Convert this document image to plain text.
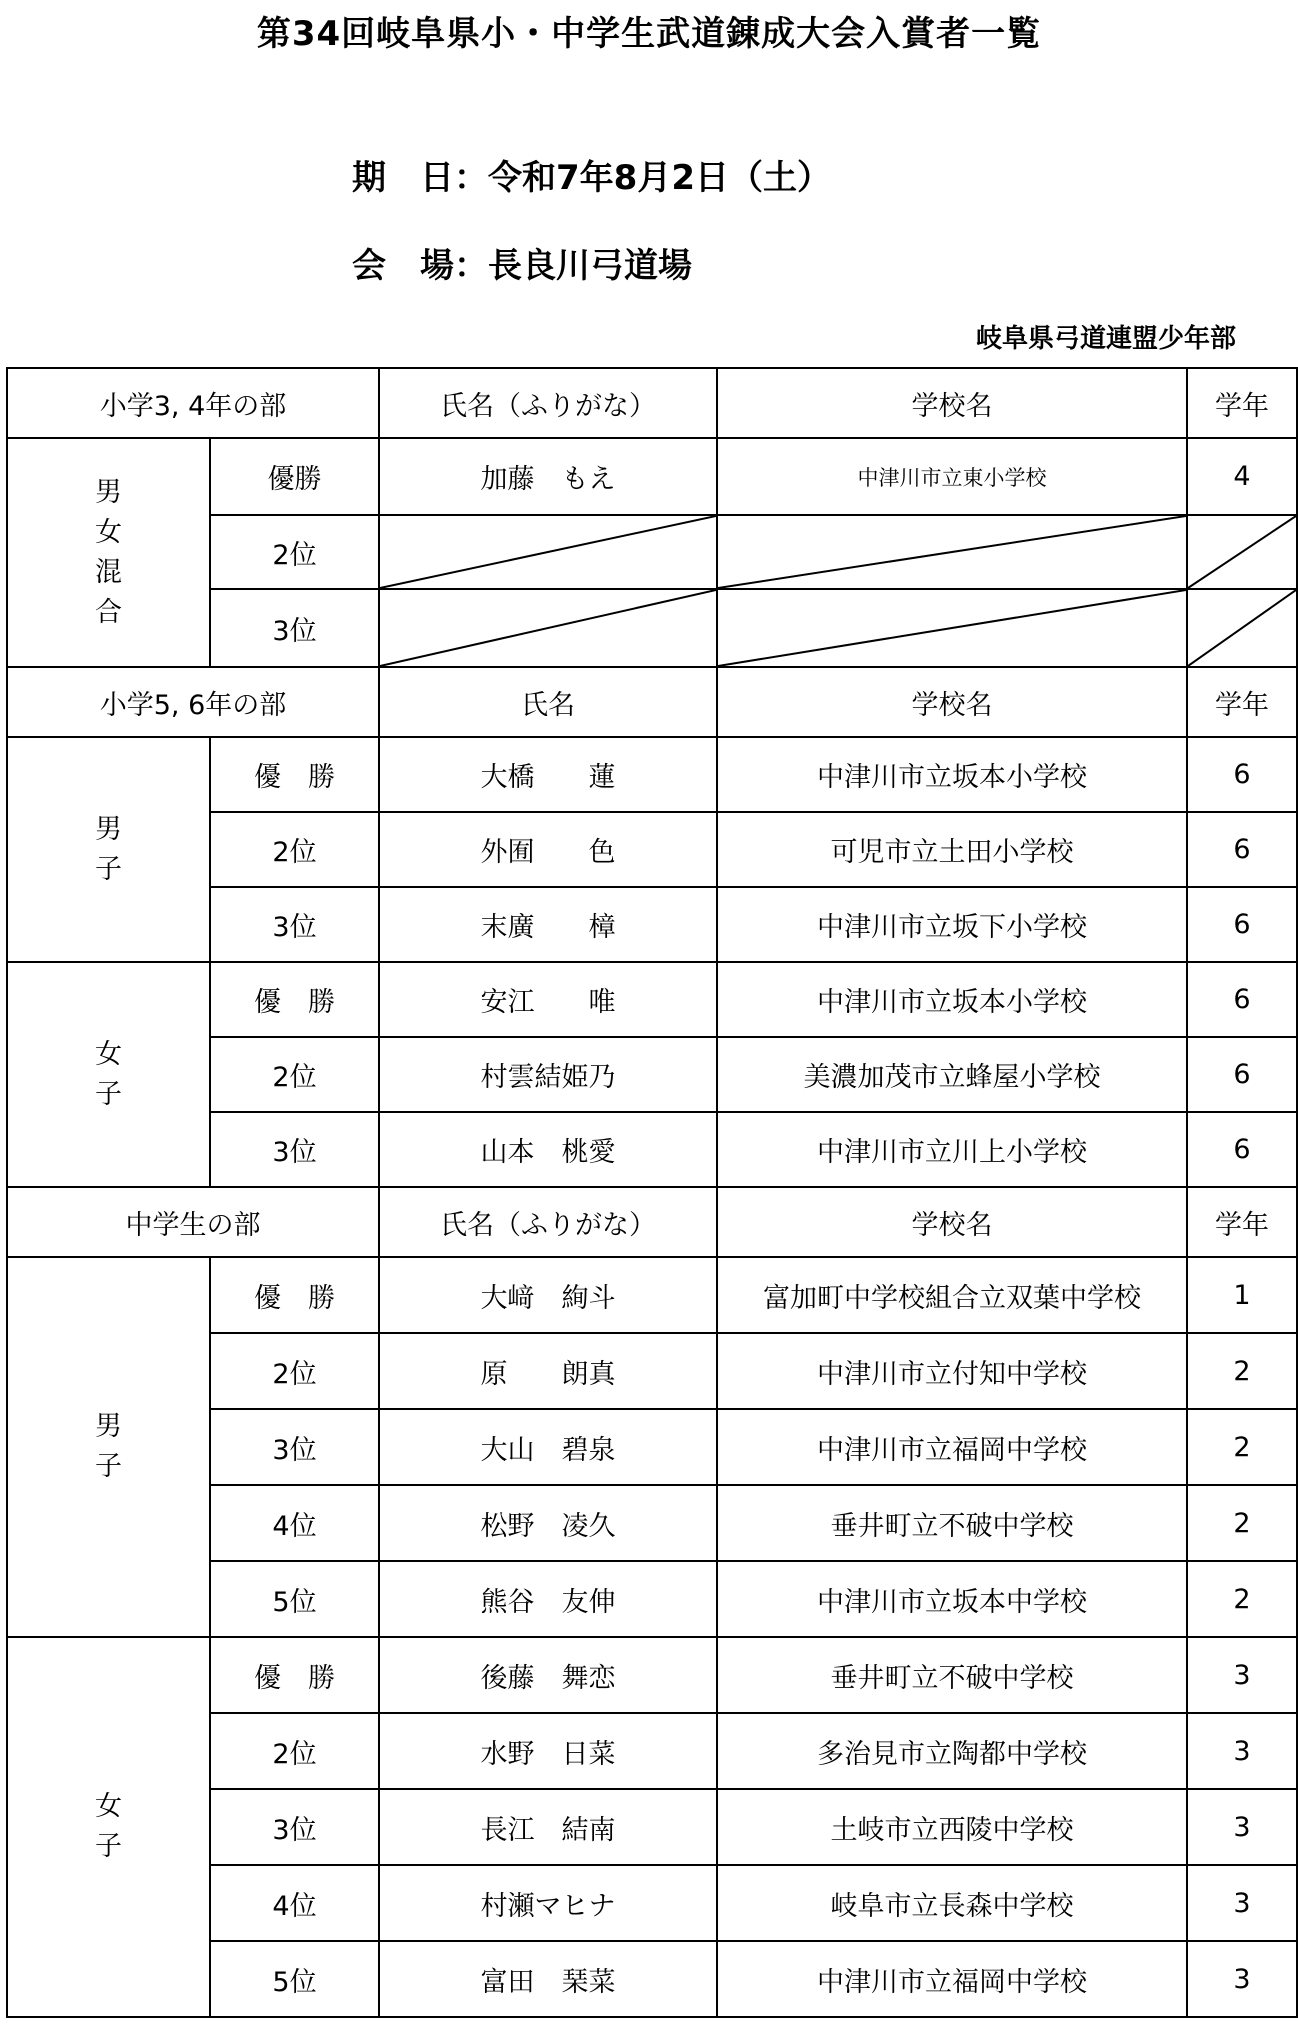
第34回岐阜県小・中学生武道錬成大会入賞者一覧
期　日：令和7年8月2日（土）
会　場：長良川弓道場
岐阜県弓道連盟少年部
小学3, 4年の部		氏名（ふりがな）	学校名	学年
男女混合	優勝	加藤　もえ	中津川市立東小学校	4
	2位	

	3位	

小学5, 6年の部		氏名	学校名	学年
男子	優　勝	大橋　　蓮	中津川市立坂本小学校	6
	2位	外囿　　色	可児市立土田小学校	6
	3位	末廣　　樟	中津川市立坂下小学校	6
女子	優　勝	安江　　唯	中津川市立坂本小学校	6
	2位	村雲結姫乃	美濃加茂市立蜂屋小学校	6
	3位	山本　桃愛	中津川市立川上小学校	6
中学生の部		氏名（ふりがな）	学校名	学年
男子	優　勝	大﨑　絢斗	富加町中学校組合立双葉中学校	1
	2位	原　　朗真	中津川市立付知中学校	2
	3位	大山　碧泉	中津川市立福岡中学校	2
	4位	松野　凌久	垂井町立不破中学校	2
	5位	熊谷　友伸	中津川市立坂本中学校	2
女子	優　勝	後藤　舞恋	垂井町立不破中学校	3
	2位	水野　日菜	多治見市立陶都中学校	3
	3位	長江　結南	土岐市立西陵中学校	3
	4位	村瀬マヒナ	岐阜市立長森中学校	3
	5位	富田　琹菜	中津川市立福岡中学校	3
